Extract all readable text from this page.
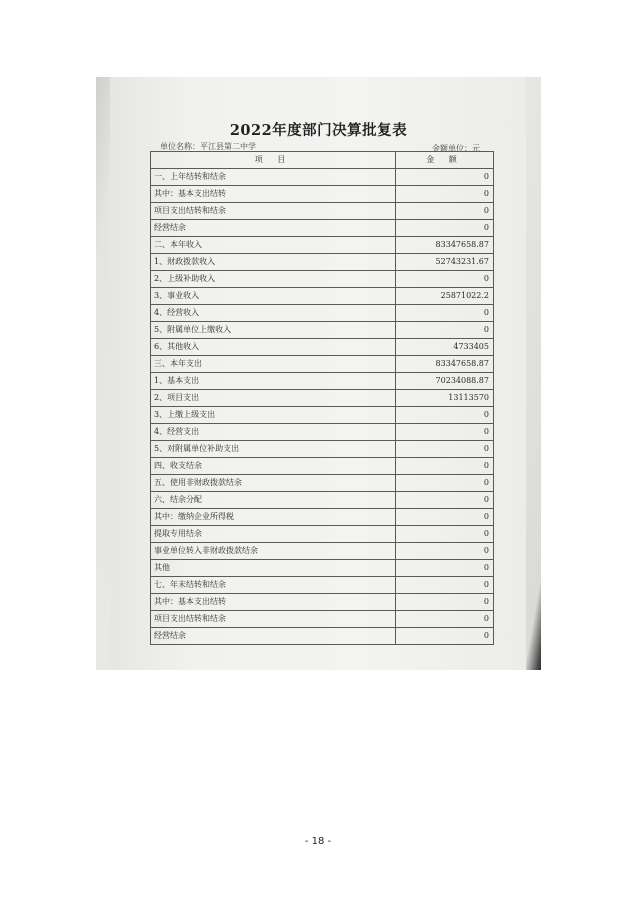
2022年度部门决算批复表
单位名称：平江县第二中学	金额单位：元
项 目	金 额
一、上年结转和结余	0
其中：基本支出结转	0
项目支出结转和结余	0
经营结余	0
二、本年收入	83347658.87
1、财政拨款收入	52743231.67
2、上级补助收入	0
3、事业收入	25871022.2
4、经营收入	0
5、附属单位上缴收入	0
6、其他收入	4733405
三、本年支出	83347658.87
1、基本支出	70234088.87
2、项目支出	13113570
3、上缴上级支出	0
4、经营支出	0
5、对附属单位补助支出	0
四、收支结余	0
五、使用非财政拨款结余	0
六、结余分配	0
其中：缴纳企业所得税	0
提取专用结余	0
事业单位转入非财政拨款结余	0
其他	0
七、年末结转和结余	0
其中：基本支出结转	0
项目支出结转和结余	0
经营结余	0
- 18 -
